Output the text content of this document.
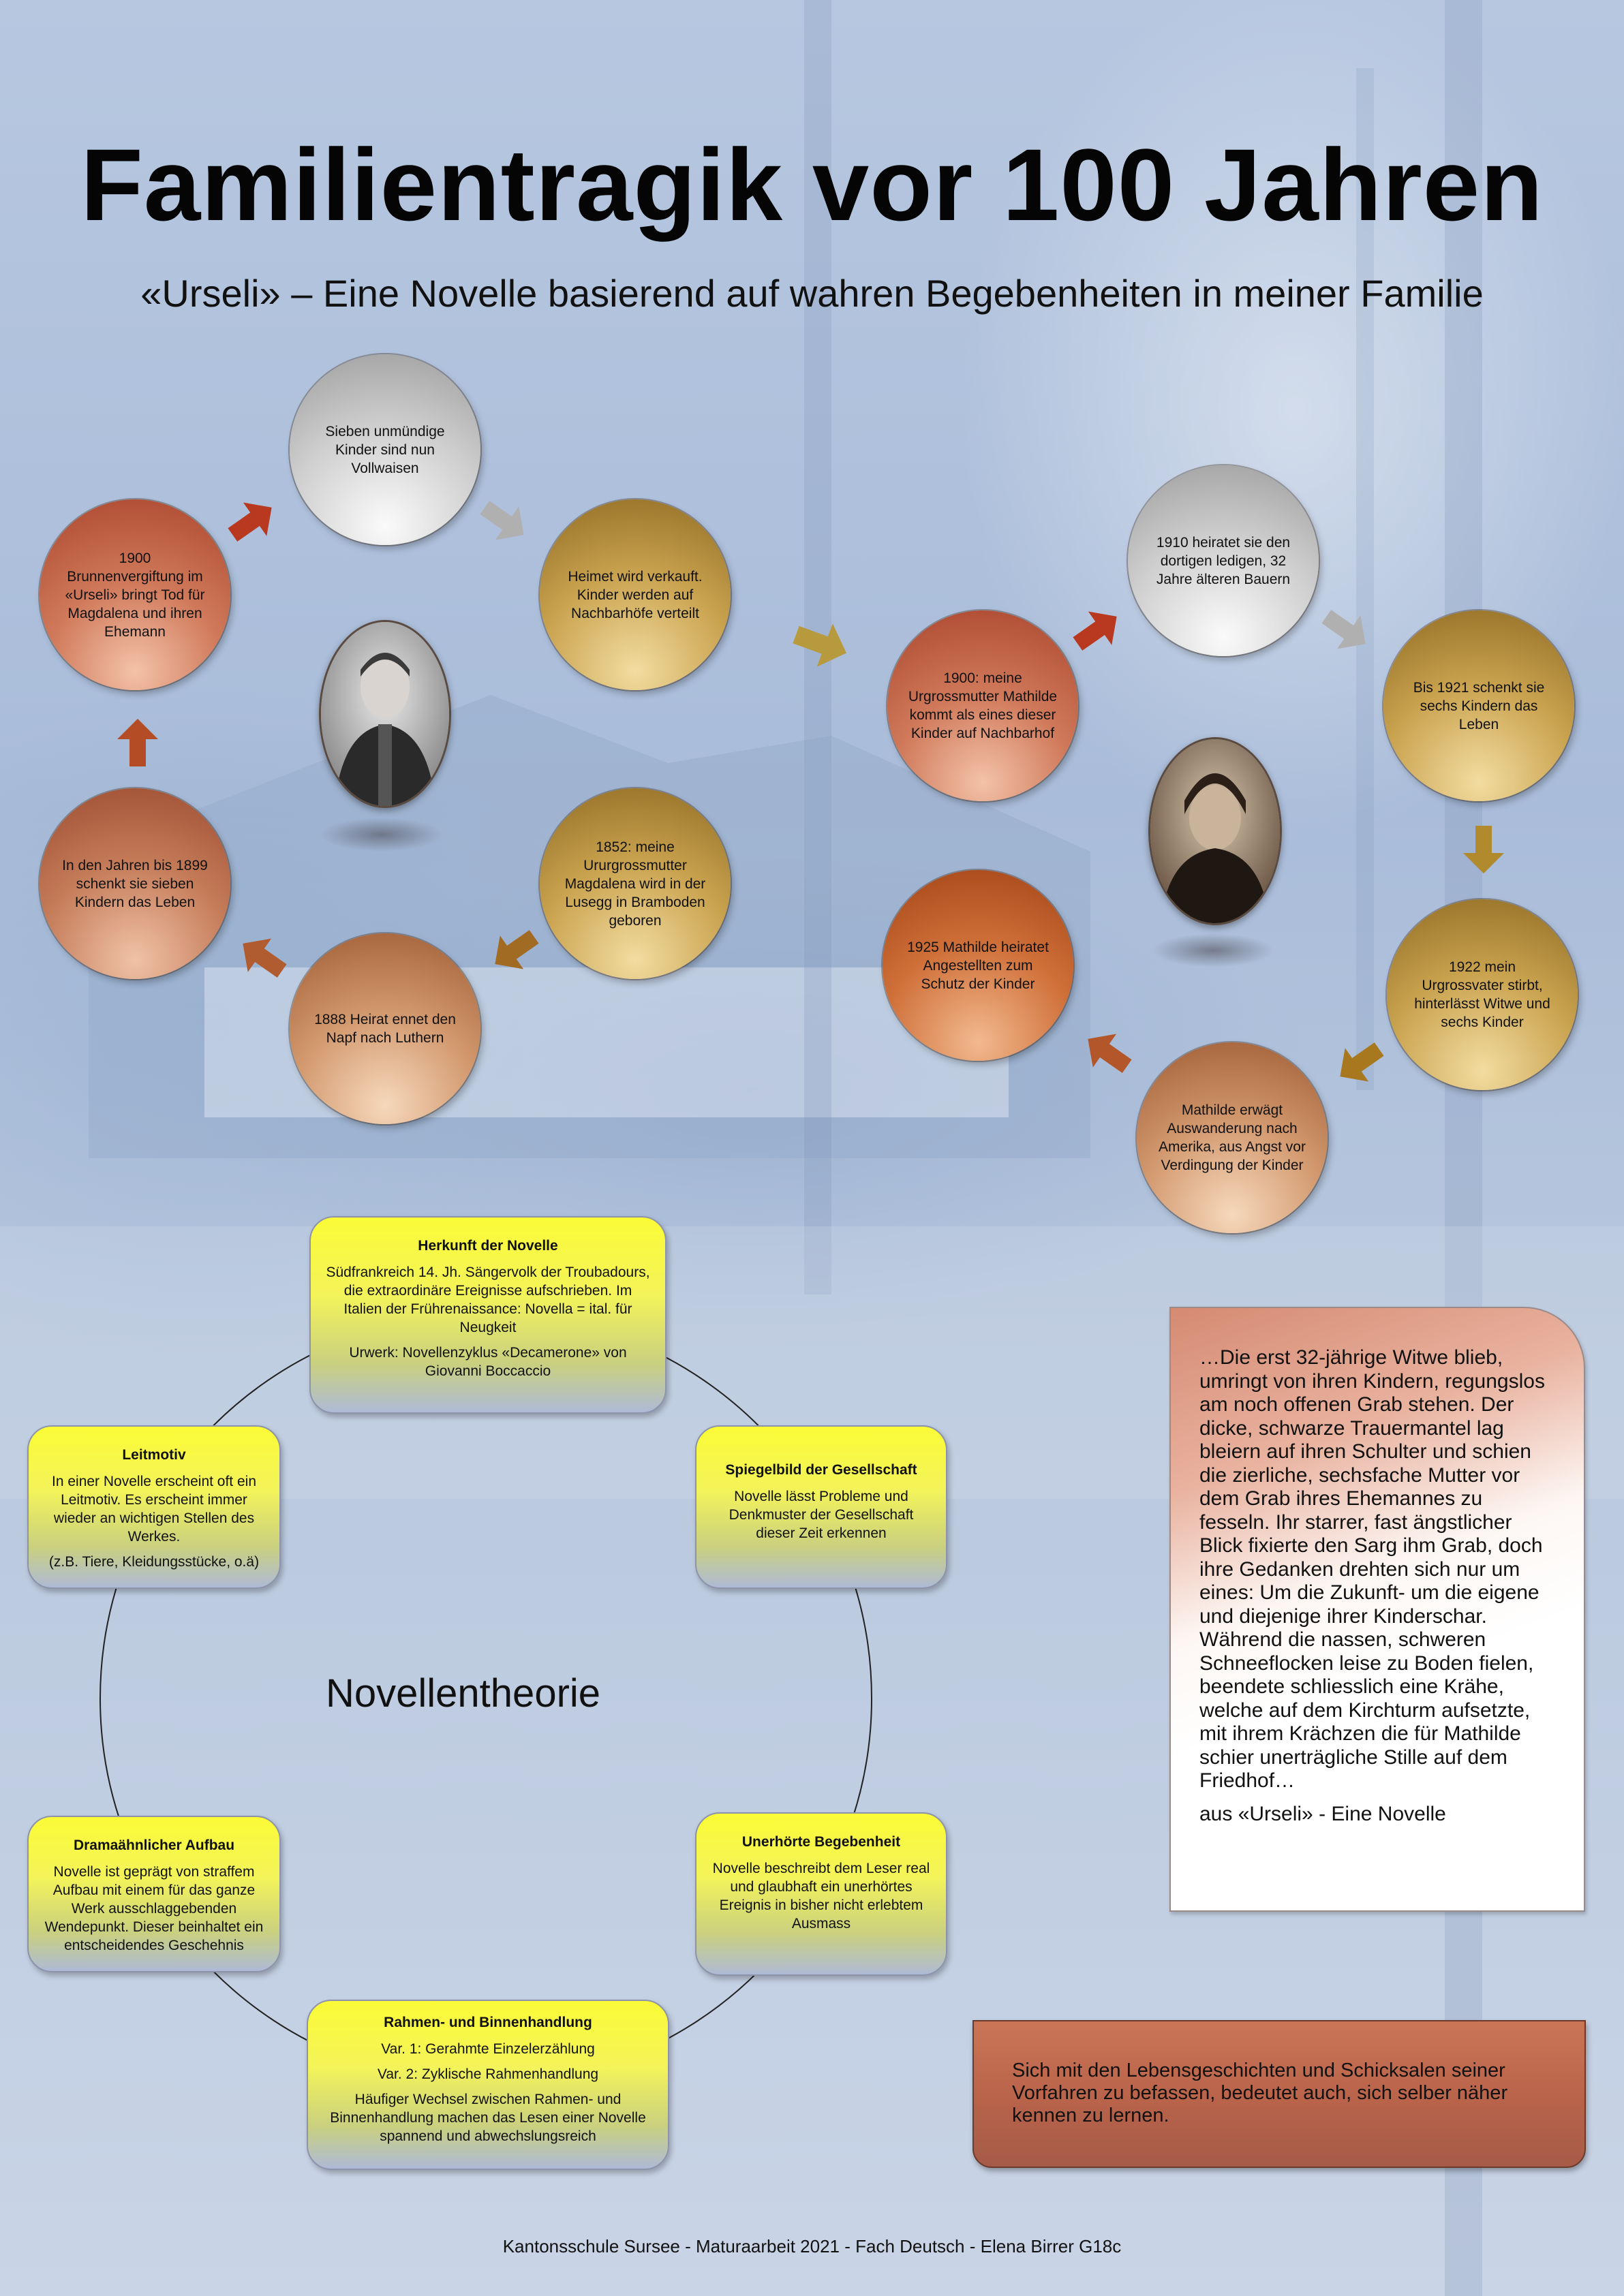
Familientragik vor 100 Jahren
«Urseli» – Eine Novelle basierend auf wahren Begebenheiten in meiner Familie
Sieben unmündige Kinder sind nun Vollwaisen
1900 Brunnenvergiftung im «Urseli» bringt Tod für Magdalena und ihren Ehemann
Heimet wird verkauft. Kinder werden auf Nachbarhöfe verteilt
In den Jahren bis 1899 schenkt sie sieben Kindern das Leben
1852: meine Ururgrossmutter Magdalena wird in der Lusegg in Bramboden geboren
1888 Heirat ennet den Napf nach Luthern
1910 heiratet sie den dortigen ledigen, 32 Jahre älteren Bauern
1900: meine Urgrossmutter Mathilde kommt als eines dieser Kinder auf Nachbarhof
Bis 1921 schenkt sie sechs Kindern das Leben
1925 Mathilde heiratet Angestellten zum Schutz der Kinder
1922 mein Urgrossvater stirbt, hinterlässt Witwe und sechs Kinder
Mathilde erwägt Auswanderung nach Amerika, aus Angst vor Verdingung der Kinder
Novellentheorie
Herkunft der Novelle
Südfrankreich 14. Jh. Sängervolk der Troubadours, die extraordinäre Ereignisse aufschrieben. Im Italien der Frührenaissance: Novella = ital. für Neugkeit
Urwerk: Novellenzyklus «Decamerone» von Giovanni Boccaccio
Leitmotiv
In einer Novelle erscheint oft ein Leitmotiv. Es erscheint immer wieder an wichtigen Stellen des Werkes.
(z.B. Tiere, Kleidungsstücke, o.ä)
Spiegelbild der Gesellschaft
Novelle lässt Probleme und Denkmuster der Gesellschaft dieser Zeit erkennen
Dramaähnlicher Aufbau
Novelle ist geprägt von straffem Aufbau mit einem für das ganze Werk ausschlaggebenden Wendepunkt. Dieser beinhaltet ein entscheidendes Geschehnis
Unerhörte Begebenheit
Novelle beschreibt dem Leser real und glaubhaft ein unerhörtes Ereignis in bisher nicht erlebtem Ausmass
Rahmen- und Binnenhandlung
Var. 1: Gerahmte Einzelerzählung
Var. 2: Zyklische Rahmenhandlung
Häufiger Wechsel zwischen Rahmen- und Binnenhandlung machen das Lesen einer Novelle spannend und abwechslungsreich
…Die erst 32-jährige Witwe blieb, umringt von ihren Kindern, regungslos am noch offenen Grab stehen. Der dicke, schwarze Trauermantel lag bleiern auf ihren Schulter und schien die zierliche, sechsfache Mutter vor dem Grab ihres Ehemannes zu fesseln. Ihr starrer, fast ängstlicher Blick fixierte den Sarg ihm Grab, doch ihre Gedanken drehten sich nur um eines: Um die Zukunft- um die eigene und diejenige ihrer Kinderschar. Während die nassen, schweren Schneeflocken leise zu Boden fielen, beendete schliesslich eine Krähe, welche auf dem Kirchturm aufsetzte, mit ihrem Krächzen die für Mathilde schier unerträgliche Stille auf dem Friedhof…
aus «Urseli» - Eine Novelle
Sich mit den Lebensgeschichten und Schicksalen seiner Vorfahren zu befassen, bedeutet auch, sich selber näher kennen zu lernen.
Kantonsschule Sursee - Maturaarbeit 2021 - Fach Deutsch - Elena Birrer G18c
